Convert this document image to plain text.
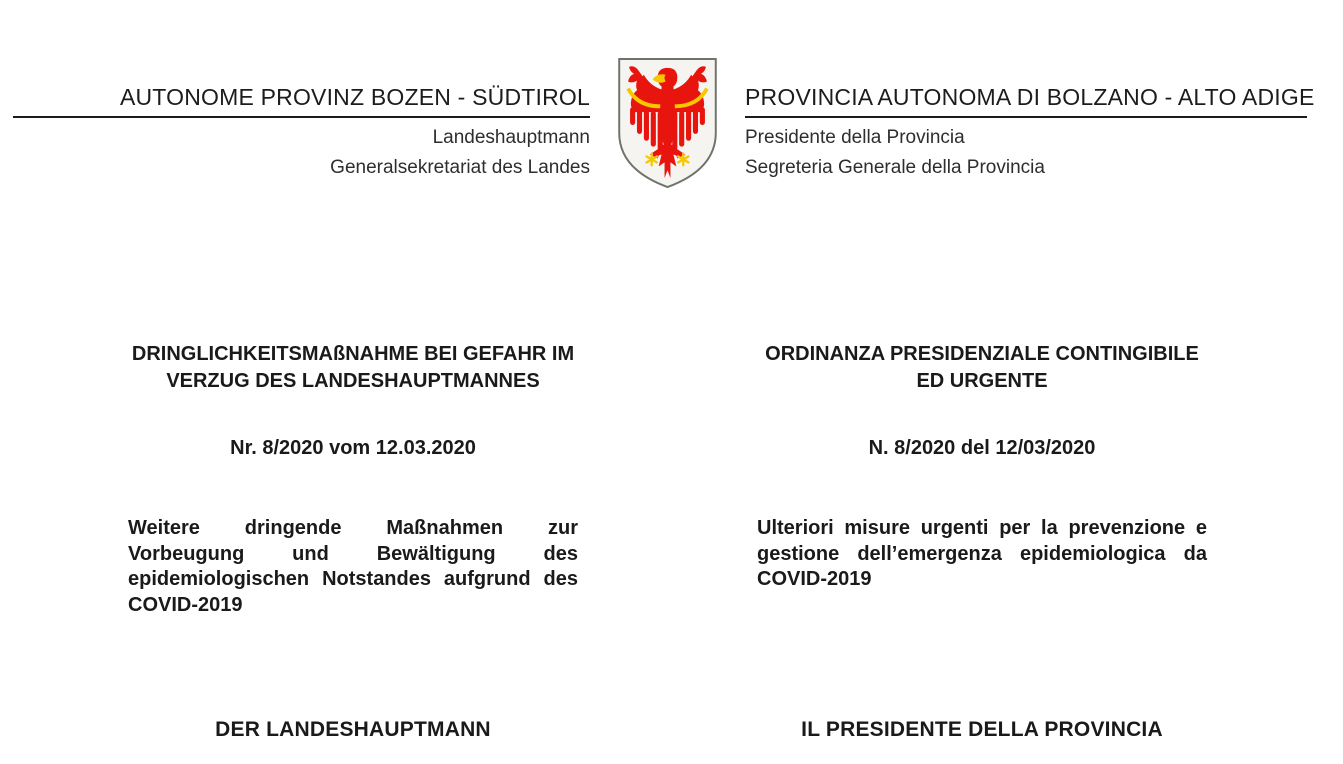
AUTONOME PROVINZ BOZEN - SÜDTIROL
Landeshauptmann
Generalsekretariat des Landes
PROVINCIA AUTONOMA DI BOLZANO - ALTO ADIGE
Presidente della Provincia
Segreteria Generale della Provincia
DRINGLICHKEITSMAßNAHME BEI GEFAHR IM VERZUG DES LANDESHAUPTMANNES
Nr. 8/2020 vom 12.03.2020

Weitere dringende Maßnahmen zur Vorbeugung und Bewältigung des epidemiologischen Notstandes aufgrund des COVID-2019

DER LANDESHAUPTMANN
ORDINANZA PRESIDENZIALE CONTINGIBILE ED URGENTE
N. 8/2020 del 12/03/2020

Ulteriori misure urgenti per la prevenzione e gestione dell’emergenza epidemiologica da COVID-2019

IL PRESIDENTE DELLA PROVINCIA
